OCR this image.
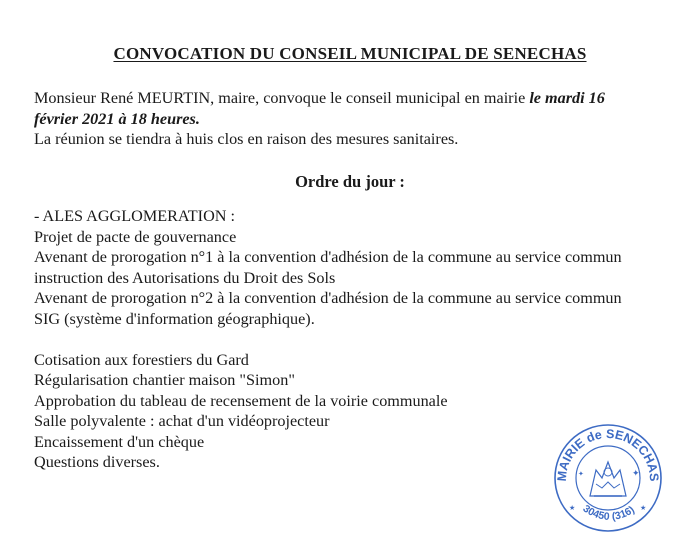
CONVOCATION DU CONSEIL MUNICIPAL DE SENECHAS
Monsieur René MEURTIN, maire, convoque le conseil municipal en mairie le mardi 16
février 2021 à 18 heures.
La réunion se tiendra à huis clos en raison des mesures sanitaires.
Ordre du jour :
- ALES AGGLOMERATION :
Projet de pacte de gouvernance
Avenant de prorogation n°1 à la convention d'adhésion de la commune au service commun
instruction des Autorisations du Droit des Sols
Avenant de prorogation n°2 à la convention d'adhésion de la commune au service commun
SIG (système d'information géographique).
Cotisation aux forestiers du Gard
Régularisation chantier maison "Simon"
Approbation du tableau de recensement de la voirie communale
Salle polyvalente : achat d'un vidéoprojecteur
Encaissement d'un chèque
Questions diverses.
MAIRIE de SENECHAS
30450 (316)
✦
✦
★	★
